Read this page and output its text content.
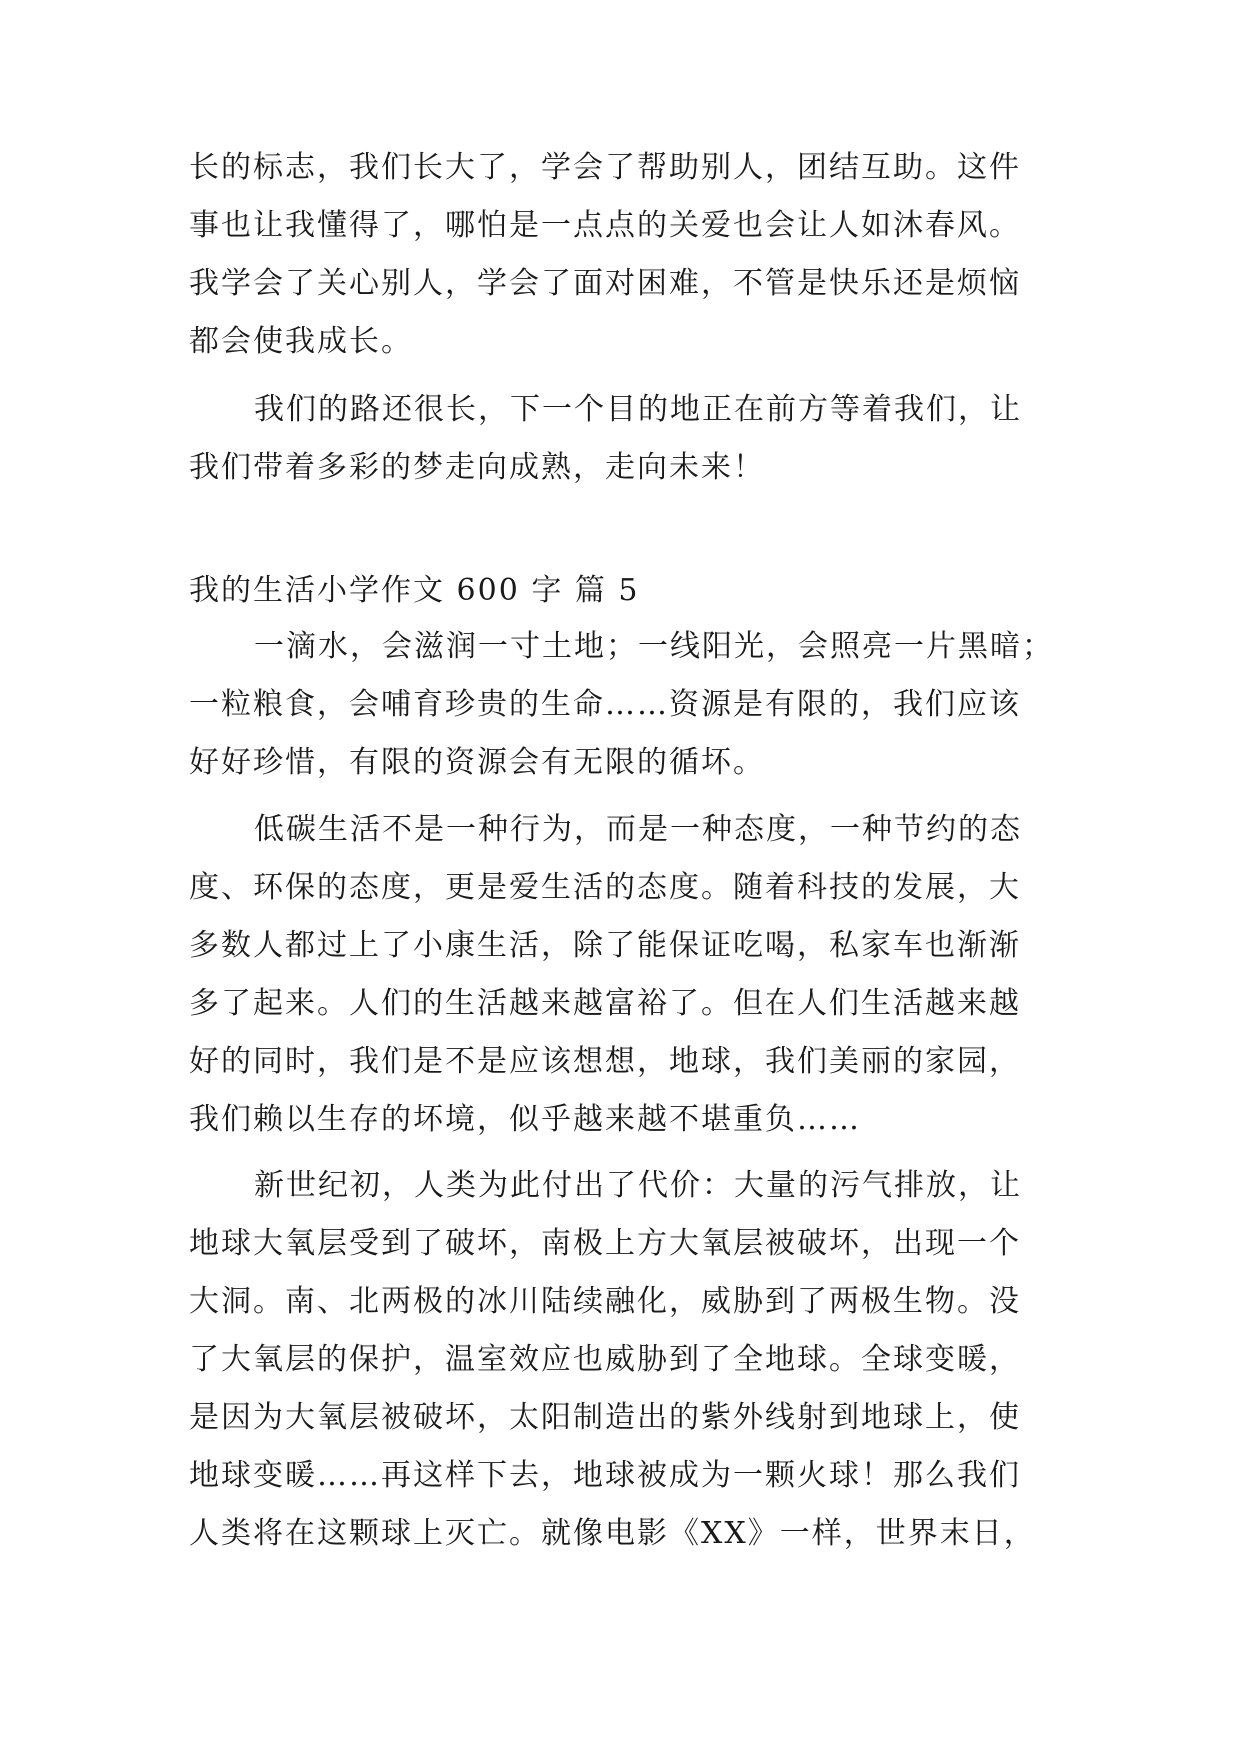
长的标志，我们长大了，学会了帮助别人，团结互助。这件
事也让我懂得了，哪怕是一点点的关爱也会让人如沐春风。
我学会了关心别人，学会了面对困难，不管是快乐还是烦恼
都会使我成长。
我们的路还很长，下一个目的地正在前方等着我们，让
我们带着多彩的梦走向成熟，走向未来！
我的生活小学作文 600 字 篇 5
一滴水，会滋润一寸土地；一线阳光，会照亮一片黑暗；
一粒粮食，会哺育珍贵的生命……资源是有限的，我们应该
好好珍惜，有限的资源会有无限的循坏。
低碳生活不是一种行为，而是一种态度，一种节约的态
度、环保的态度，更是爱生活的态度。随着科技的发展，大
多数人都过上了小康生活，除了能保证吃喝，私家车也渐渐
多了起来。人们的生活越来越富裕了。但在人们生活越来越
好的同时，我们是不是应该想想，地球，我们美丽的家园，
我们赖以生存的坏境，似乎越来越不堪重负……
新世纪初，人类为此付出了代价：大量的污气排放，让
地球大氧层受到了破坏，南极上方大氧层被破坏，出现一个
大洞。南、北两极的冰川陆续融化，威胁到了两极生物。没
了大氧层的保护，温室效应也威胁到了全地球。全球变暖，
是因为大氧层被破坏，太阳制造出的紫外线射到地球上，使
地球变暖……再这样下去，地球被成为一颗火球！那么我们
人类将在这颗球上灭亡。就像电影《XX》一样，世界末日，
